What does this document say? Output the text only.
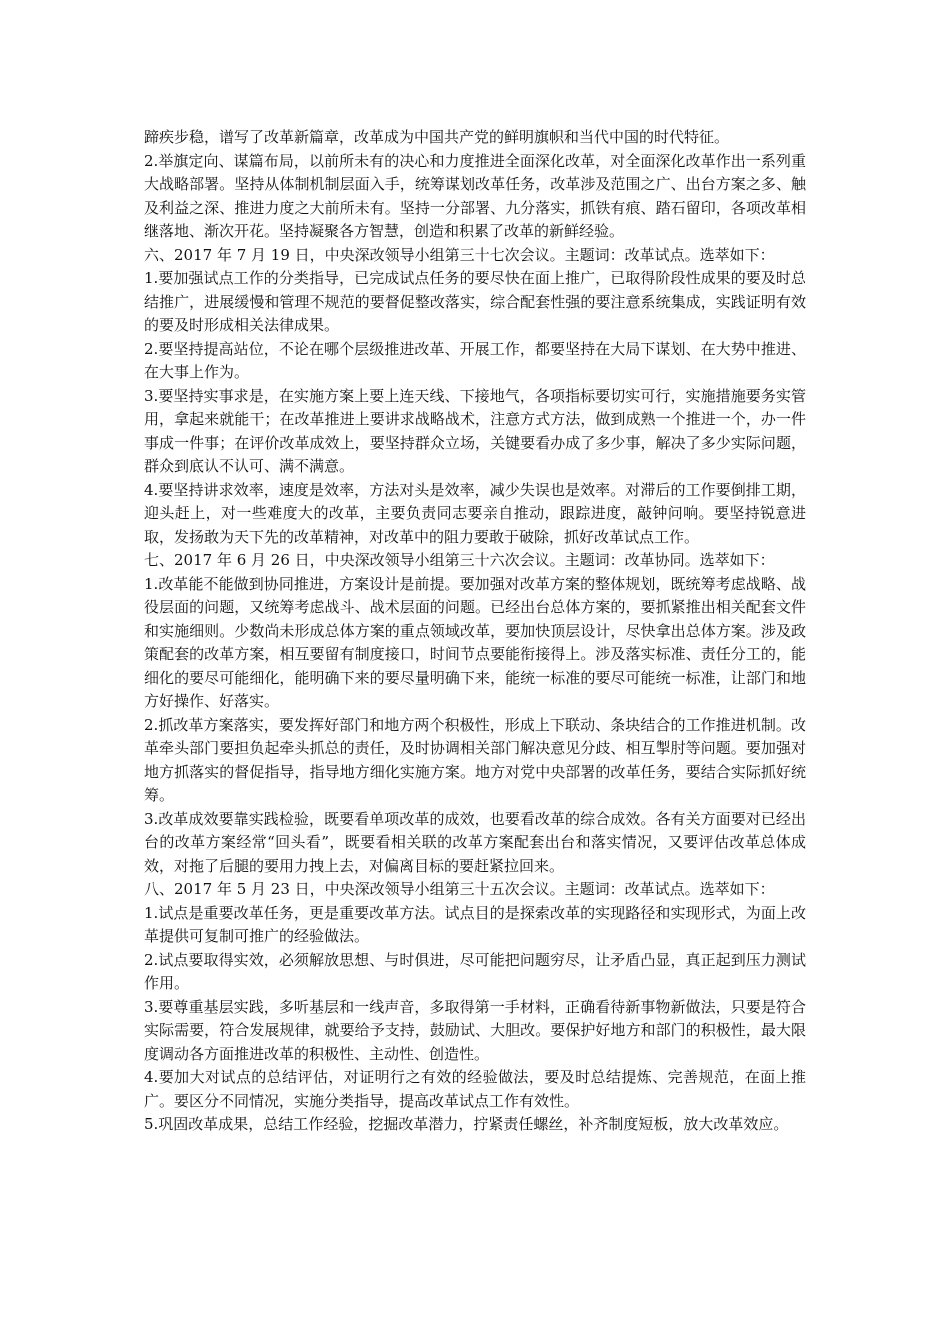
蹄疾步稳，谱写了改革新篇章，改革成为中国共产党的鲜明旗帜和当代中国的时代特征。

2.举旗定向、谋篇布局，以前所未有的决心和力度推进全面深化改革，对全面深化改革作出一系列重大战略部署。坚持从体制机制层面入手，统筹谋划改革任务，改革涉及范围之广、出台方案之多、触及利益之深、推进力度之大前所未有。坚持一分部署、九分落实，抓铁有痕、踏石留印，各项改革相继落地、渐次开花。坚持凝聚各方智慧，创造和积累了改革的新鲜经验。

六、2017 年 7 月 19 日，中央深改领导小组第三十七次会议。主题词：改革试点。选萃如下：

1.要加强试点工作的分类指导，已完成试点任务的要尽快在面上推广，已取得阶段性成果的要及时总结推广，进展缓慢和管理不规范的要督促整改落实，综合配套性强的要注意系统集成，实践证明有效的要及时形成相关法律成果。

2.要坚持提高站位，不论在哪个层级推进改革、开展工作，都要坚持在大局下谋划、在大势中推进、在大事上作为。

3.要坚持实事求是，在实施方案上要上连天线、下接地气，各项指标要切实可行，实施措施要务实管用，拿起来就能干；在改革推进上要讲求战略战术，注意方式方法，做到成熟一个推进一个，办一件事成一件事；在评价改革成效上，要坚持群众立场，关键要看办成了多少事，解决了多少实际问题，群众到底认不认可、满不满意。

4.要坚持讲求效率，速度是效率，方法对头是效率，减少失误也是效率。对滞后的工作要倒排工期，迎头赶上，对一些难度大的改革，主要负责同志要亲自推动，跟踪进度，敲钟问响。要坚持锐意进取，发扬敢为天下先的改革精神，对改革中的阻力要敢于破除，抓好改革试点工作。

七、2017 年 6 月 26 日，中央深改领导小组第三十六次会议。主题词：改革协同。选萃如下：

1.改革能不能做到协同推进，方案设计是前提。要加强对改革方案的整体规划，既统筹考虑战略、战役层面的问题，又统筹考虑战斗、战术层面的问题。已经出台总体方案的，要抓紧推出相关配套文件和实施细则。少数尚未形成总体方案的重点领域改革，要加快顶层设计，尽快拿出总体方案。涉及政策配套的改革方案，相互要留有制度接口，时间节点要能衔接得上。涉及落实标准、责任分工的，能细化的要尽可能细化，能明确下来的要尽量明确下来，能统一标准的要尽可能统一标准，让部门和地方好操作、好落实。

2.抓改革方案落实，要发挥好部门和地方两个积极性，形成上下联动、条块结合的工作推进机制。改革牵头部门要担负起牵头抓总的责任，及时协调相关部门解决意见分歧、相互掣肘等问题。要加强对地方抓落实的督促指导，指导地方细化实施方案。地方对党中央部署的改革任务，要结合实际抓好统筹。

3.改革成效要靠实践检验，既要看单项改革的成效，也要看改革的综合成效。各有关方面要对已经出台的改革方案经常“回头看”，既要看相关联的改革方案配套出台和落实情况，又要评估改革总体成效，对拖了后腿的要用力拽上去，对偏离目标的要赶紧拉回来。

八、2017 年 5 月 23 日，中央深改领导小组第三十五次会议。主题词：改革试点。选萃如下：

1.试点是重要改革任务，更是重要改革方法。试点目的是探索改革的实现路径和实现形式，为面上改革提供可复制可推广的经验做法。

2.试点要取得实效，必须解放思想、与时俱进，尽可能把问题穷尽，让矛盾凸显，真正起到压力测试作用。

3.要尊重基层实践，多听基层和一线声音，多取得第一手材料，正确看待新事物新做法，只要是符合实际需要，符合发展规律，就要给予支持，鼓励试、大胆改。要保护好地方和部门的积极性，最大限度调动各方面推进改革的积极性、主动性、创造性。

4.要加大对试点的总结评估，对证明行之有效的经验做法，要及时总结提炼、完善规范，在面上推广。要区分不同情况，实施分类指导，提高改革试点工作有效性。

5.巩固改革成果，总结工作经验，挖掘改革潜力，拧紧责任螺丝，补齐制度短板，放大改革效应。
